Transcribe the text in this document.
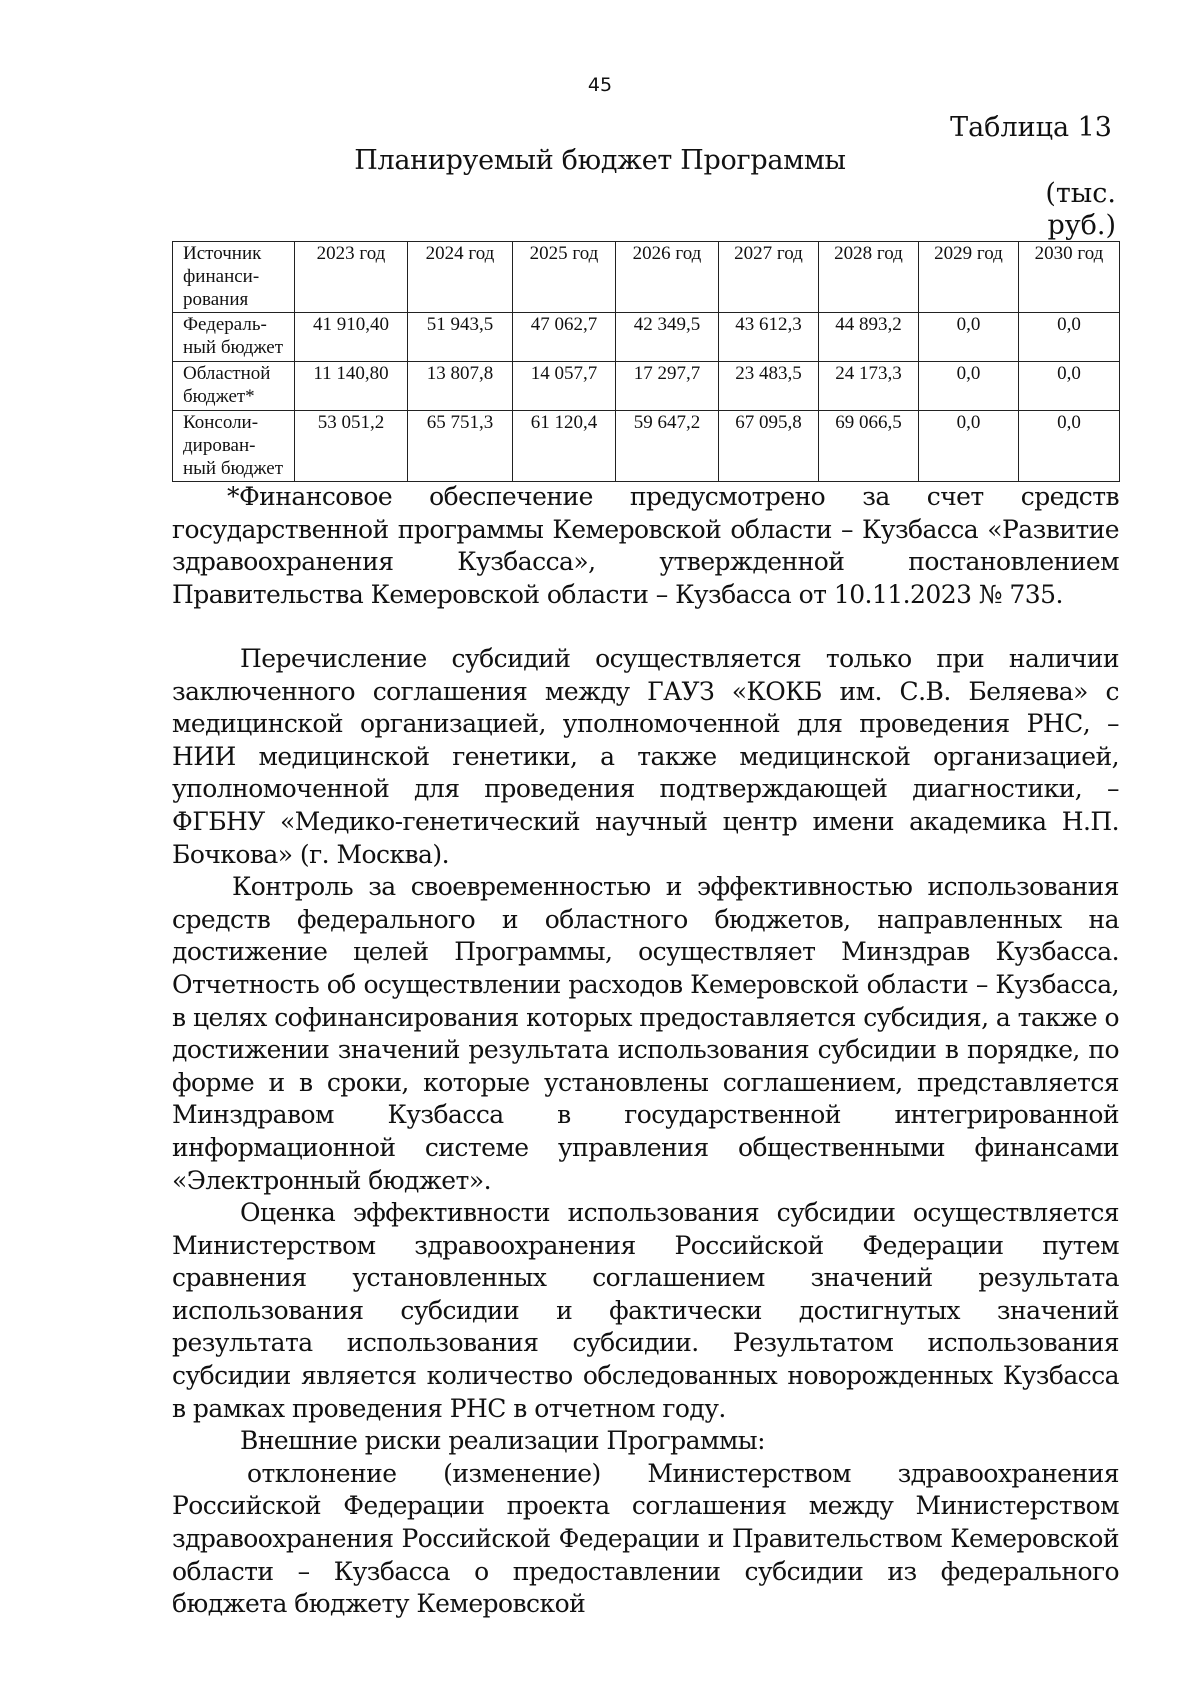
45
Таблица 13
Планируемый бюджет Программы
(тыс. руб.)
Источник финанси-рования	2023 год	2024 год	2025 год	2026 год	2027 год	2028 год	2029 год	2030 год
Федераль-ный бюджет	41 910,40	51 943,5	47 062,7	42 349,5	43 612,3	44 893,2	0,0	0,0
Областной бюджет*	11 140,80	13 807,8	14 057,7	17 297,7	23 483,5	24 173,3	0,0	0,0
Консоли-дирован-ный бюджет	53 051,2	65 751,3	61 120,4	59 647,2	67 095,8	69 066,5	0,0	0,0

*Финансовое обеспечение предусмотрено за счет средств государственной программы Кемеровской области – Кузбасса «Развитие здравоохранения Кузбасса», утвержденной постановлением Правительства Кемеровской области – Кузбасса от 10.11.2023 № 735.

Перечисление субсидий осуществляется только при наличии заключенного соглашения между ГАУЗ «КОКБ им. С.В. Беляева» с медицинской организацией, уполномоченной для проведения РНС, – НИИ медицинской генетики, а также медицинской организацией, уполномоченной для проведения подтверждающей диагностики, – ФГБНУ «Медико-генетический научный центр имени академика Н.П. Бочкова» (г. Москва).

Контроль за своевременностью и эффективностью использования средств федерального и областного бюджетов, направленных на достижение целей Программы, осуществляет Минздрав Кузбасса. Отчетность об осуществлении расходов Кемеровской области – Кузбасса, в целях софинансирования которых предоставляется субсидия, а также о достижении значений результата использования субсидии в порядке, по форме и в сроки, которые установлены соглашением, представляется Минздравом Кузбасса в государственной интегрированной информационной системе управления общественными финансами «Электронный бюджет».

Оценка эффективности использования субсидии осуществляется Министерством здравоохранения Российской Федерации путем сравнения установленных соглашением значений результата использования субсидии и фактически достигнутых значений результата использования субсидии. Результатом использования субсидии является количество обследованных новорожденных Кузбасса в рамках проведения РНС в отчетном году.

Внешние риски реализации Программы:

отклонение (изменение) Министерством здравоохранения Российской Федерации проекта соглашения между Министерством здравоохранения Российской Федерации и Правительством Кемеровской области – Кузбасса о предоставлении субсидии из федерального бюджета бюджету Кемеровской
